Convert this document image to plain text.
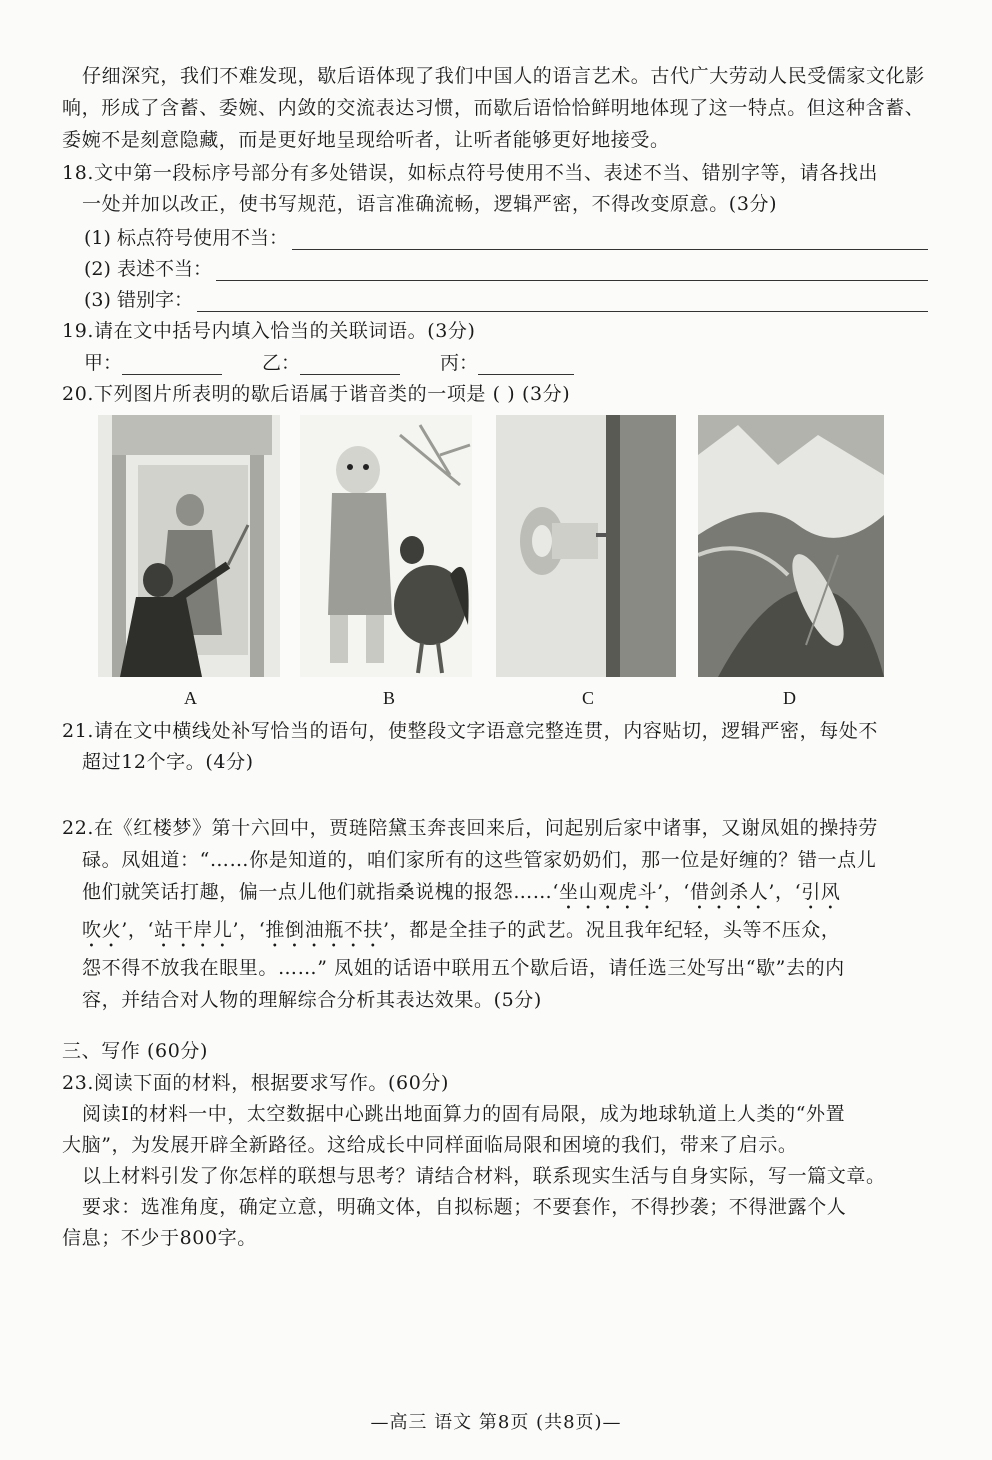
仔细深究，我们不难发现，歇后语体现了我们中国人的语言艺术。古代广大劳动人民受儒家文化影响，形成了含蓄、委婉、内敛的交流表达习惯，而歇后语恰恰鲜明地体现了这一特点。但这种含蓄、委婉不是刻意隐藏，而是更好地呈现给听者，让听者能够更好地接受。
18.文中第一段标序号部分有多处错误，如标点符号使用不当、表述不当、错别字等，请各找出
一处并加以改正，使书写规范，语言准确流畅，逻辑严密，不得改变原意。(3分)
(1) 标点符号使用不当：
(2) 表述不当：
(3) 错别字：
19.请在文中括号内填入恰当的关联词语。(3分)
甲：	乙：	丙：
20.下列图片所表明的歇后语属于谐音类的一项是 ( ) (3分)
A	B	C	D
21.请在文中横线处补写恰当的语句，使整段文字语意完整连贯，内容贴切，逻辑严密，每处不
超过12个字。(4分)
22.在《红楼梦》第十六回中，贾琏陪黛玉奔丧回来后，问起别后家中诸事，又谢凤姐的操持劳
碌。凤姐道：“……你是知道的，咱们家所有的这些管家奶奶们，那一位是好缠的？错一点儿
他们就笑话打趣，偏一点儿他们就指桑说槐的报怨……‘坐山观虎斗’，‘借剑杀人’，‘引风
吹火’，‘站干岸儿’，‘推倒油瓶不扶’，都是全挂子的武艺。况且我年纪轻，头等不压众，
怨不得不放我在眼里。……” 凤姐的话语中联用五个歇后语，请任选三处写出“歇”去的内
容，并结合对人物的理解综合分析其表达效果。(5分)
三、写作 (60分)
23.阅读下面的材料，根据要求写作。(60分)
阅读I的材料一中，太空数据中心跳出地面算力的固有局限，成为地球轨道上人类的“外置
大脑”，为发展开辟全新路径。这给成长中同样面临局限和困境的我们，带来了启示。
以上材料引发了你怎样的联想与思考？请结合材料，联系现实生活与自身实际，写一篇文章。
要求：选准角度，确定立意，明确文体，自拟标题；不要套作，不得抄袭；不得泄露个人
信息；不少于800字。
—高三 语文 第8页 (共8页)—
